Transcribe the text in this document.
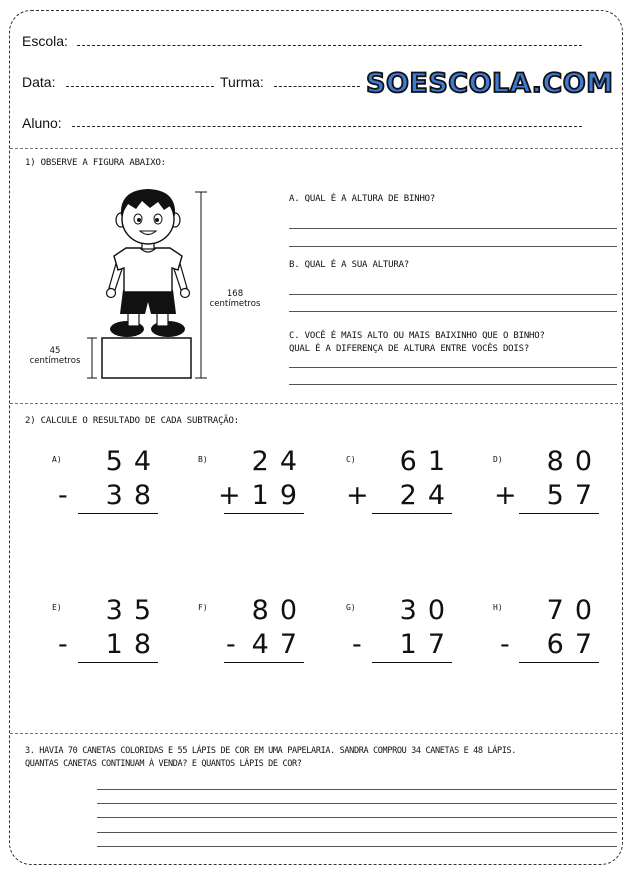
Escola:
Data:	Turma:	SOESCOLA.COM
Aluno:
1) OBSERVE A FIGURA ABAIXO:
168
centímetros
45
centímetros
A. QUAL É A ALTURA DE BINHO?
B. QUAL É A SUA ALTURA?
C. VOCÊ É MAIS ALTO OU MAIS BAIXINHO QUE O BINHO?
QUAL É A DIFERENÇA DE ALTURA ENTRE VOCÊS DOIS?
2) CALCULE O RESULTADO DE CADA SUBTRAÇÃO:
A)	54
-	38
B)	24
+ 19
C)	61
+	24
D)	80
+	57
E)	35
-	18
F)	80
- 47
G)	30
-	17
H)	70
-	67
3. HAVIA 70 CANETAS COLORIDAS E 55 LÁPIS DE COR EM UMA PAPELARIA. SANDRA COMPROU 34 CANETAS E 48 LÁPIS.
QUANTAS CANETAS CONTINUAM À VENDA? E QUANTOS LÁPIS DE COR?
